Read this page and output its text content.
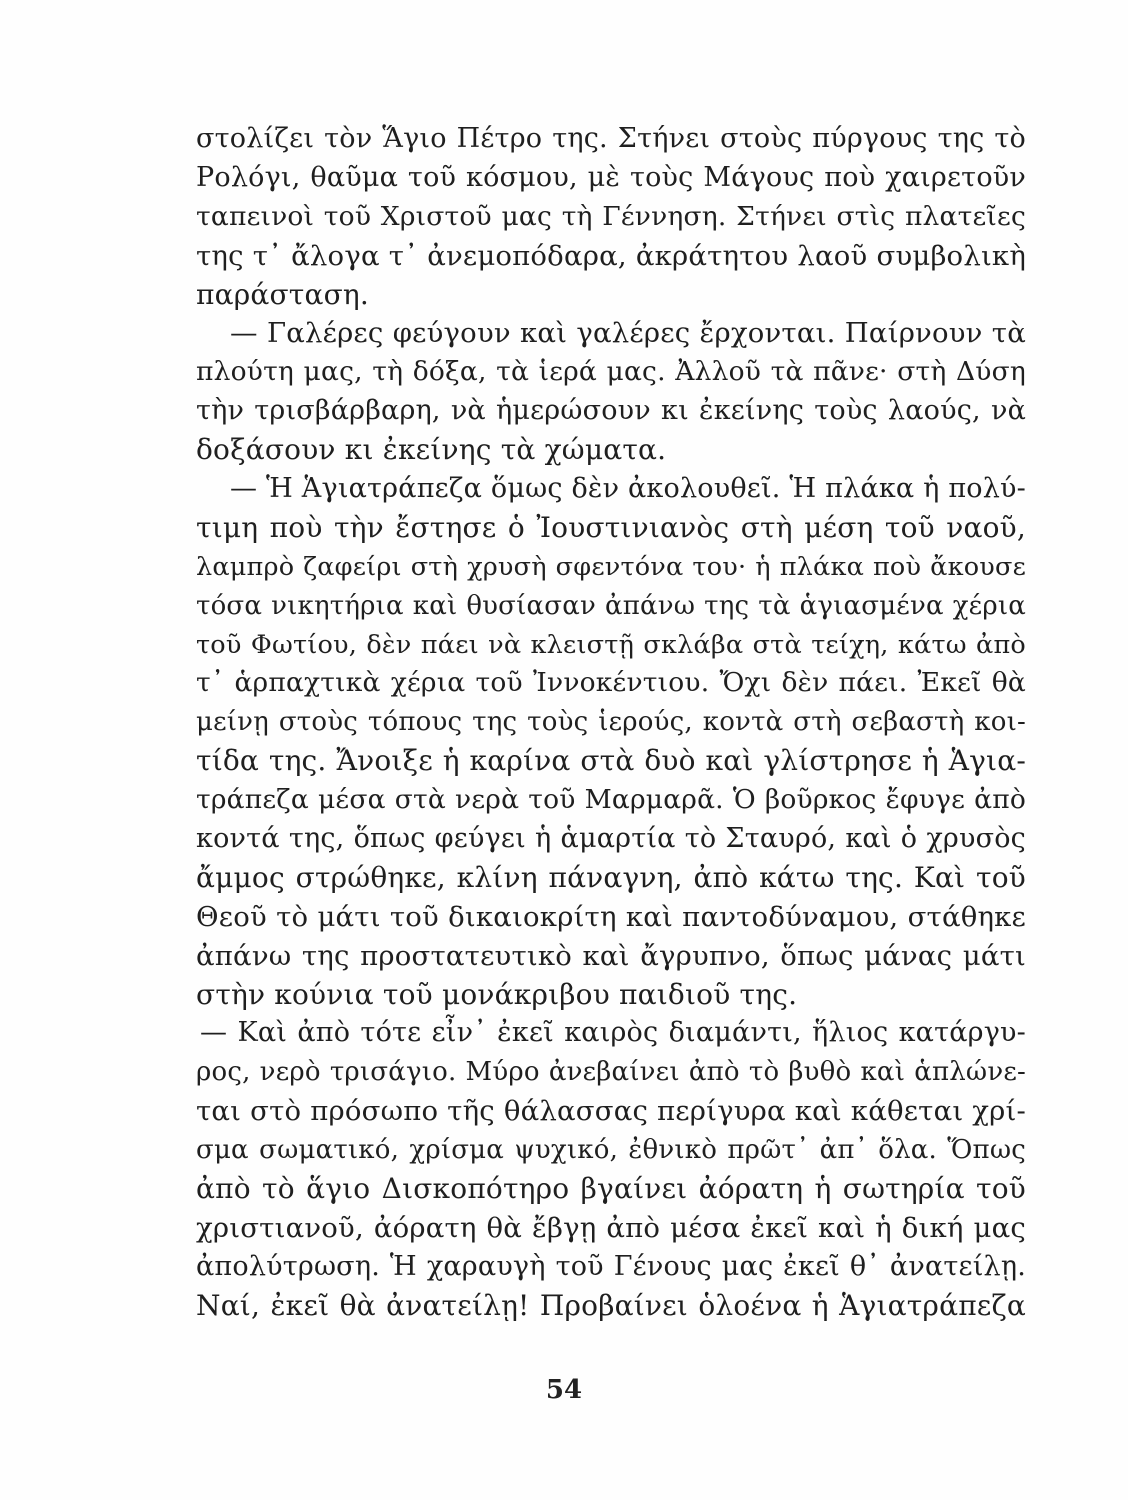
στολίζει τὸν Ἅγιο Πέτρο της. Στήνει στοὺς πύργους της τὸ
Ρολόγι, θαῦμα τοῦ κόσμου, μὲ τοὺς Μάγους ποὺ χαιρετοῦν
ταπεινοὶ τοῦ Χριστοῦ μας τὴ Γέννηση. Στήνει στὶς πλατεῖες
της τ᾿ ἄλογα τ᾿ ἀνεμοπόδαρα, ἀκράτητου λαοῦ συμβολικὴ
παράσταση.
— Γαλέρες φεύγουν καὶ γαλέρες ἔρχονται. Παίρνουν τὰ
πλούτη μας, τὴ δόξα, τὰ ἱερά μας. Ἀλλοῦ τὰ πᾶνε· στὴ Δύση
τὴν τρισβάρβαρη, νὰ ἡμερώσουν κι ἐκείνης τοὺς λαούς, νὰ
δοξάσουν κι ἐκείνης τὰ χώματα.
— Ἡ Ἁγιατράπεζα ὅμως δὲν ἀκολουθεῖ. Ἡ πλάκα ἡ πολύ-
τιμη ποὺ τὴν ἔστησε ὁ Ἰουστινιανὸς στὴ μέση τοῦ ναοῦ,
λαμπρὸ ζαφείρι στὴ χρυσὴ σφεντόνα του· ἡ πλάκα ποὺ ἄκουσε
τόσα νικητήρια καὶ θυσίασαν ἀπάνω της τὰ ἁγιασμένα χέρια
τοῦ Φωτίου, δὲν πάει νὰ κλειστῇ σκλάβα στὰ τείχη, κάτω ἀπὸ
τ᾿ ἁρπαχτικὰ χέρια τοῦ Ἰννοκέντιου. Ὄχι δὲν πάει. Ἐκεῖ θὰ
μείνῃ στοὺς τόπους της τοὺς ἱερούς, κοντὰ στὴ σεβαστὴ κοι-
τίδα της. Ἄνοιξε ἡ καρίνα στὰ δυὸ καὶ γλίστρησε ἡ Ἁγια-
τράπεζα μέσα στὰ νερὰ τοῦ Μαρμαρᾶ. Ὁ βοῦρκος ἔφυγε ἀπὸ
κοντά της, ὅπως φεύγει ἡ ἁμαρτία τὸ Σταυρό, καὶ ὁ χρυσὸς
ἄμμος στρώθηκε, κλίνη πάναγνη, ἀπὸ κάτω της. Καὶ τοῦ
Θεοῦ τὸ μάτι τοῦ δικαιοκρίτη καὶ παντοδύναμου, στάθηκε
ἀπάνω της προστατευτικὸ καὶ ἄγρυπνο, ὅπως μάνας μάτι
στὴν κούνια τοῦ μονάκριβου παιδιοῦ της.
— Καὶ ἀπὸ τότε εἶν᾿ ἐκεῖ καιρὸς διαμάντι, ἥλιος κατάργυ-
ρος, νερὸ τρισάγιο. Μύρο ἀνεβαίνει ἀπὸ τὸ βυθὸ καὶ ἁπλώνε-
ται στὸ πρόσωπο τῆς θάλασσας περίγυρα καὶ κάθεται χρί-
σμα σωματικό, χρίσμα ψυχικό, ἐθνικὸ πρῶτ᾿ ἀπ᾿ ὅλα. Ὅπως
ἀπὸ τὸ ἅγιο Δισκοπότηρο βγαίνει ἀόρατη ἡ σωτηρία τοῦ
χριστιανοῦ, ἀόρατη θὰ ἔβγῃ ἀπὸ μέσα ἐκεῖ καὶ ἡ δική μας
ἀπολύτρωση. Ἡ χαραυγὴ τοῦ Γένους μας ἐκεῖ θ᾿ ἀνατείλῃ.
Ναί, ἐκεῖ θὰ ἀνατείλῃ! Προβαίνει ὁλοένα ἡ Ἁγιατράπεζα
54
